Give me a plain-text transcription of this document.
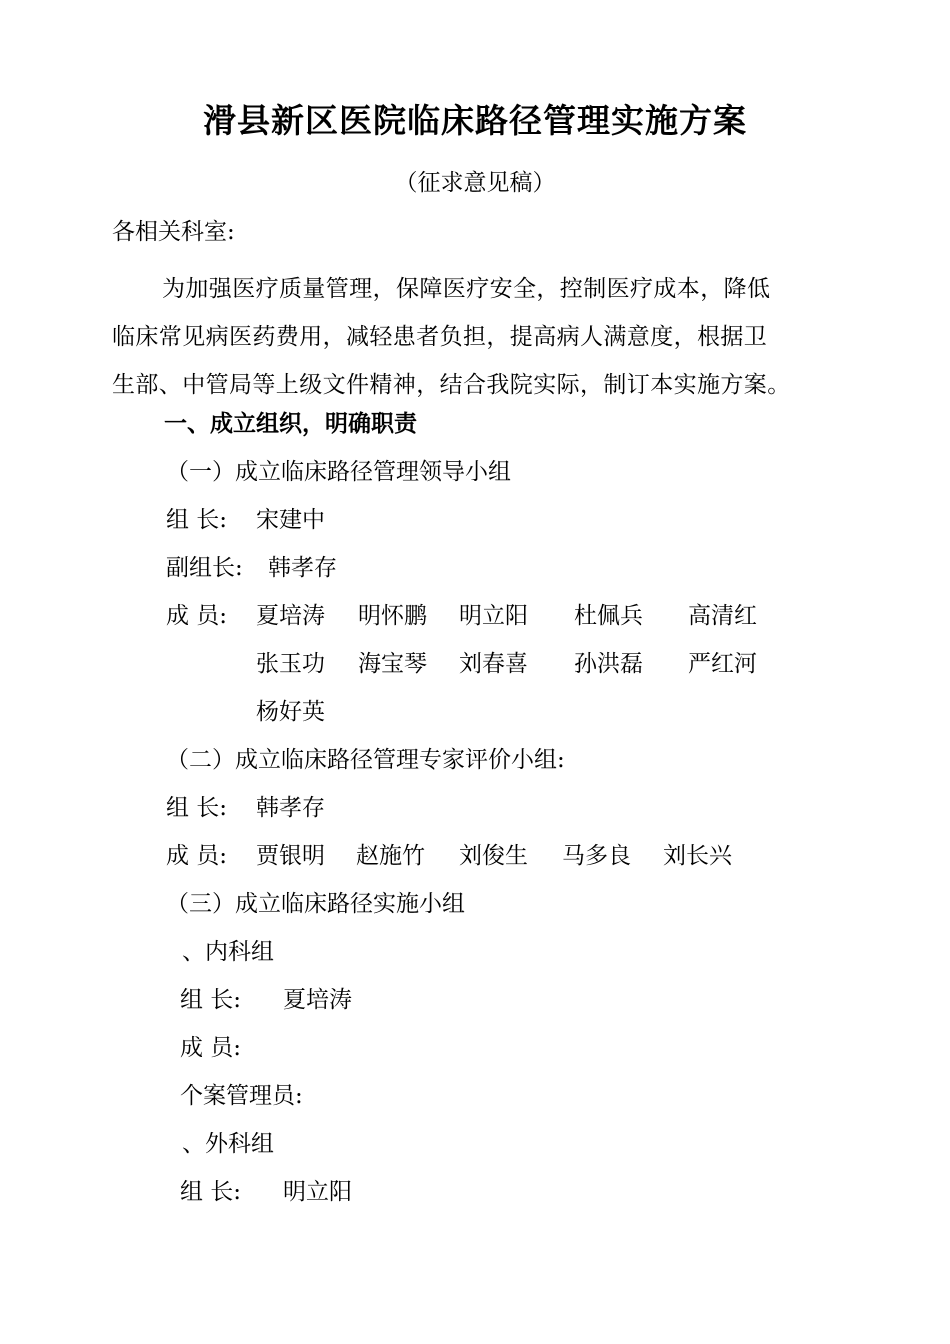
滑县新区医院临床路径管理实施方案
（征求意见稿）
各相关科室:
为加强医疗质量管理，保障医疗安全，控制医疗成本，降低
临床常见病医药费用，减轻患者负担，提高病人满意度，根据卫
生部、中管局等上级文件精神，结合我院实际，制订本实施方案。
一、成立组织，明确职责
（一）成立临床路径管理领导小组
组 长: 宋建中
副组长: 韩孝存
成 员: 夏培涛 明怀鹏 明立阳 杜佩兵 高清红
张玉功 海宝琴 刘春喜 孙洪磊 严红河
杨好英
（二）成立临床路径管理专家评价小组:
组 长: 韩孝存
成 员: 贾银明 赵施竹 刘俊生 马多良 刘长兴
（三）成立临床路径实施小组
、内科组
组 长: 夏培涛
成 员:
个案管理员:
、外科组
组 长: 明立阳
